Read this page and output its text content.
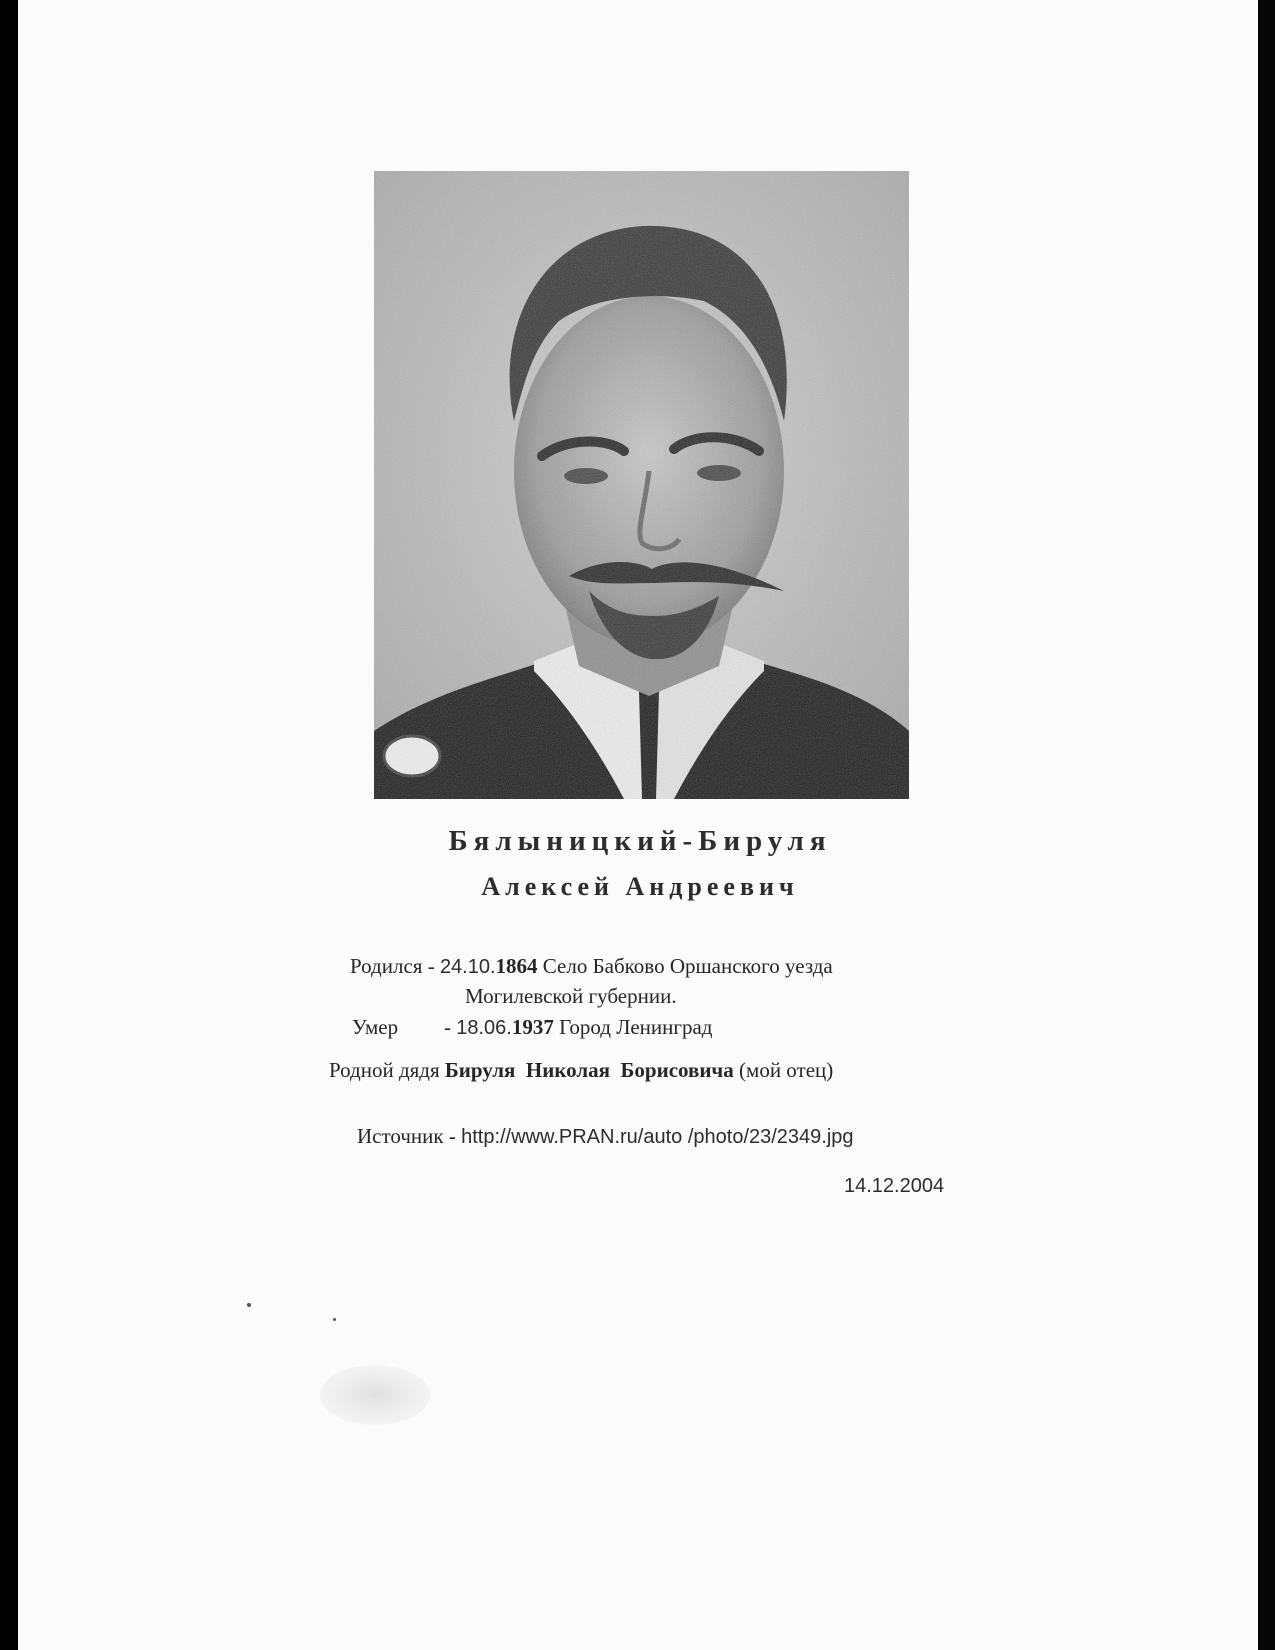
Бялыницкий-Бируля
Алексей Андреевич
Родился - 24.10.1864 Село Бабково Оршанского уезда
Могилевской губернии.
Умер - 18.06.1937 Город Ленинград
Родной дядя Бируля  Николая  Борисовича (мой отец)
Источник - http://www.PRAN.ru/auto /photo/23/2349.jpg
14.12.2004
